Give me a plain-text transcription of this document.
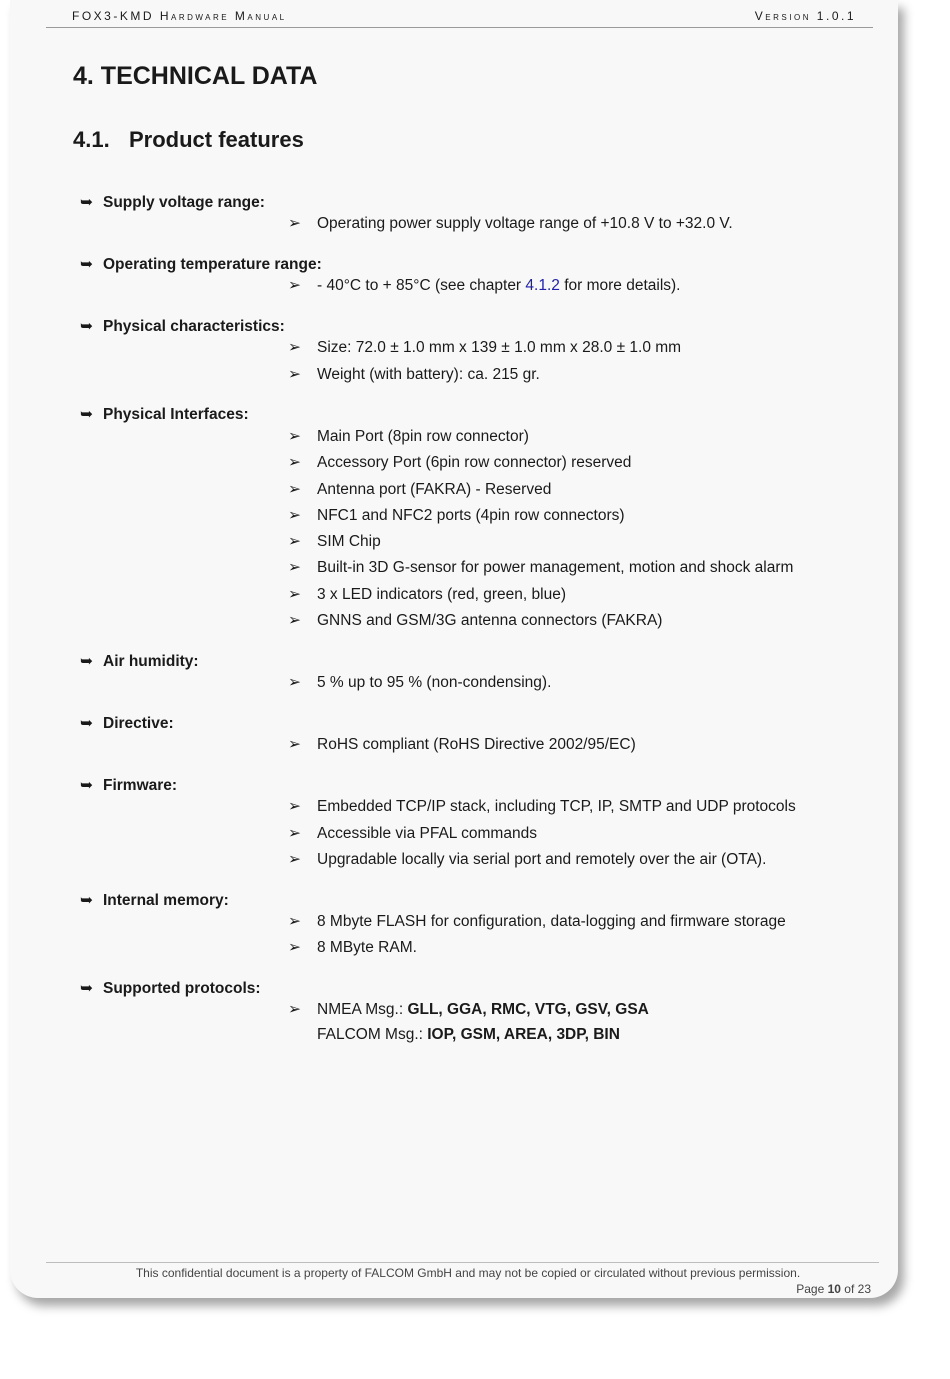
FOX3-KMD Hardware Manual	Version 1.0.1
4. TECHNICAL DATA
4.1. Product features
➥ Supply voltage range:
➢ Operating power supply voltage range of +10.8 V to +32.0 V.
➥ Operating temperature range:
➢ - 40°C to + 85°C (see chapter 4.1.2 for more details).
➥ Physical characteristics:
➢ Size: 72.0 ± 1.0 mm x 139 ± 1.0 mm x 28.0 ± 1.0 mm
➢ Weight (with battery): ca. 215 gr.
➥ Physical Interfaces:
➢ Main Port (8pin row connector)
➢ Accessory Port (6pin row connector) reserved
➢ Antenna port (FAKRA) - Reserved
➢ NFC1 and NFC2 ports (4pin row connectors)
➢ SIM Chip
➢ Built-in 3D G-sensor for power management, motion and shock alarm
➢ 3 x LED indicators (red, green, blue)
➢ GNNS and GSM/3G antenna connectors (FAKRA)
➥ Air humidity:
➢ 5 % up to 95 % (non-condensing).
➥ Directive:
➢ RoHS compliant (RoHS Directive 2002/95/EC)
➥ Firmware:
➢ Embedded TCP/IP stack, including TCP, IP, SMTP and UDP protocols
➢ Accessible via PFAL commands
➢ Upgradable locally via serial port and remotely over the air (OTA).
➥ Internal memory:
➢ 8 Mbyte FLASH for configuration, data-logging and firmware storage
➢ 8 MByte RAM.
➥ Supported protocols:
➢ NMEA Msg.: GLL, GGA, RMC, VTG, GSV, GSA
FALCOM Msg.: IOP, GSM, AREA, 3DP, BIN
This confidential document is a property of FALCOM GmbH and may not be copied or circulated without previous permission.
Page 10 of 23
